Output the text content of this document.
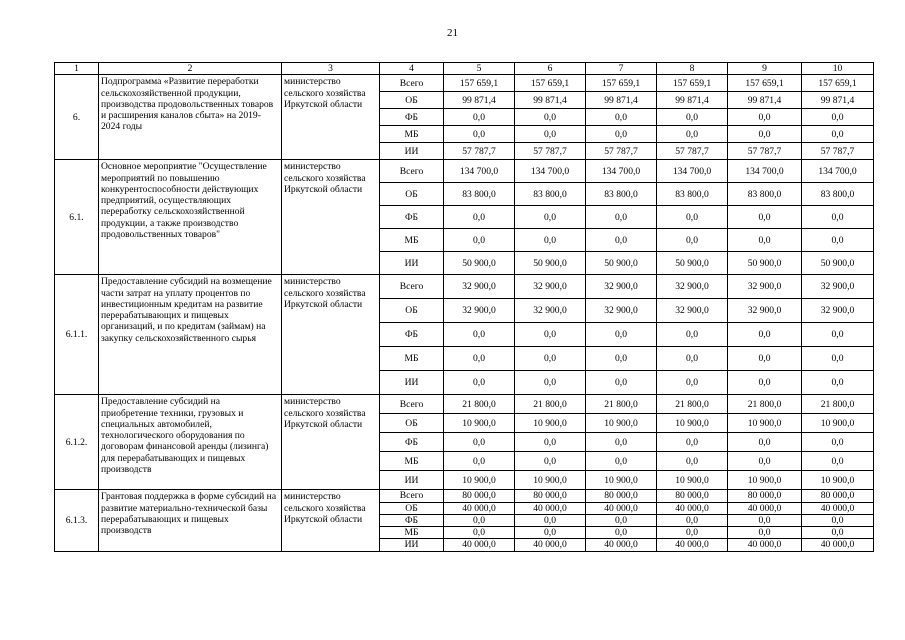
21
1	2	3	4	5	6	7	8	9	10
6.	Подпрограмма «Развитие переработки сельскохозяйственной продукции, производства продовольственных товаров и расширения каналов сбыта» на 2019-2024 годы	министерство сельского хозяйства Иркутской области	Всего	157 659,1	157 659,1	157 659,1	157 659,1	157 659,1	157 659,1
			ОБ	99 871,4	99 871,4	99 871,4	99 871,4	99 871,4	99 871,4
			ФБ	0,0	0,0	0,0	0,0	0,0	0,0
			МБ	0,0	0,0	0,0	0,0	0,0	0,0
			ИИ	57 787,7	57 787,7	57 787,7	57 787,7	57 787,7	57 787,7
6.1.	Основное мероприятие "Осуществление мероприятий по повышению конкурентоспособности действующих предприятий, осуществляющих переработку сельскохозяйственной продукции, а также производство продовольственных товаров"	министерство сельского хозяйства Иркутской области	Всего	134 700,0	134 700,0	134 700,0	134 700,0	134 700,0	134 700,0
			ОБ	83 800,0	83 800,0	83 800,0	83 800,0	83 800,0	83 800,0
			ФБ	0,0	0,0	0,0	0,0	0,0	0,0
			МБ	0,0	0,0	0,0	0,0	0,0	0,0
			ИИ	50 900,0	50 900,0	50 900,0	50 900,0	50 900,0	50 900,0
6.1.1.	Предоставление субсидий на возмещение части затрат на уплату процентов по инвестиционным кредитам на развитие перерабатывающих и пищевых организаций, и по кредитам (займам) на закупку сельскохозяйственного сырья	министерство сельского хозяйства Иркутской области	Всего	32 900,0	32 900,0	32 900,0	32 900,0	32 900,0	32 900,0
			ОБ	32 900,0	32 900,0	32 900,0	32 900,0	32 900,0	32 900,0
			ФБ	0,0	0,0	0,0	0,0	0,0	0,0
			МБ	0,0	0,0	0,0	0,0	0,0	0,0
			ИИ	0,0	0,0	0,0	0,0	0,0	0,0
6.1.2.	Предоставление субсидий на приобретение техники, грузовых и специальных автомобилей, технологического оборудования по договорам финансовой аренды (лизинга) для перерабатывающих и пищевых производств	министерство сельского хозяйства Иркутской области	Всего	21 800,0	21 800,0	21 800,0	21 800,0	21 800,0	21 800,0
			ОБ	10 900,0	10 900,0	10 900,0	10 900,0	10 900,0	10 900,0
			ФБ	0,0	0,0	0,0	0,0	0,0	0,0
			МБ	0,0	0,0	0,0	0,0	0,0	0,0
			ИИ	10 900,0	10 900,0	10 900,0	10 900,0	10 900,0	10 900,0
6.1.3.	Грантовая поддержка в форме субсидий на развитие материально-технической базы перерабатывающих и пищевых производств	министерство сельского хозяйства Иркутской области	Всего	80 000,0	80 000,0	80 000,0	80 000,0	80 000,0	80 000,0
			ОБ	40 000,0	40 000,0	40 000,0	40 000,0	40 000,0	40 000,0
			ФБ	0,0	0,0	0,0	0,0	0,0	0,0
			МБ	0,0	0,0	0,0	0,0	0,0	0,0
			ИИ	40 000,0	40 000,0	40 000,0	40 000,0	40 000,0	40 000,0
